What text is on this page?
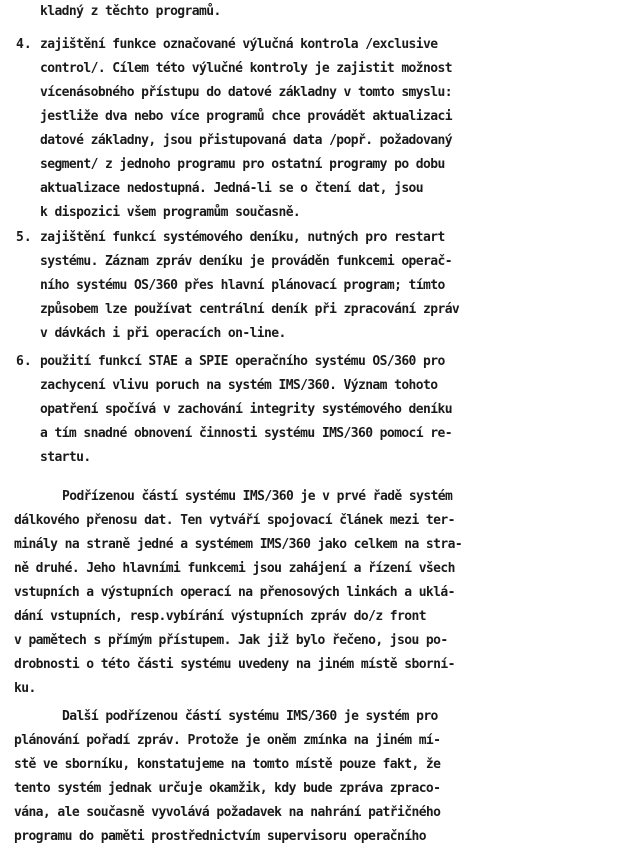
kladný z těchto programů.
4. zajištění funkce označované výlučná kontrola /exclusive
control/. Cílem této výlučné kontroly je zajistit možnost
vícenásobného přístupu do datové základny v tomto smyslu:
jestliže dva nebo více programů chce provádět aktualizaci
datové základny, jsou přistupovaná data /popř. požadovaný
segment/ z jednoho programu pro ostatní programy po dobu
aktualizace nedostupná. Jedná-li se o čtení dat, jsou
k dispozici všem programům současně.
5. zajištění funkcí systémového deníku, nutných pro restart
systému. Záznam zpráv deníku je prováděn funkcemi operač-
ního systému OS/360 přes hlavní plánovací program; tímto
způsobem lze používat centrální deník při zpracování zpráv
v dávkách i při operacích on-line.
6. použití funkcí STAE a SPIE operačního systému OS/360 pro
zachycení vlivu poruch na systém IMS/360. Význam tohoto
opatření spočívá v zachování integrity systémového deníku
a tím snadné obnovení činnosti systému IMS/360 pomocí re-
startu.
Podřízenou částí systému IMS/360 je v prvé řadě systém
dálkového přenosu dat. Ten vytváří spojovací článek mezi ter-
minály na straně jedné a systémem IMS/360 jako celkem na stra-
ně druhé. Jeho hlavními funkcemi jsou zahájení a řízení všech
vstupních a výstupních operací na přenosových linkách a uklá-
dání vstupních, resp.vybírání výstupních zpráv do/z front
v pamětech s přímým přístupem. Jak již bylo řečeno, jsou po-
drobnosti o této části systému uvedeny na jiném místě sborní-
ku.
Další podřízenou částí systému IMS/360 je systém pro
plánování pořadí zpráv. Protože je oněm zmínka na jiném mí-
stě ve sborníku, konstatujeme na tomto místě pouze fakt, že
tento systém jednak určuje okamžik, kdy bude zpráva zpraco-
vána, ale současně vyvolává požadavek na nahrání patřičného
programu do paměti prostřednictvím supervisoru operačního
